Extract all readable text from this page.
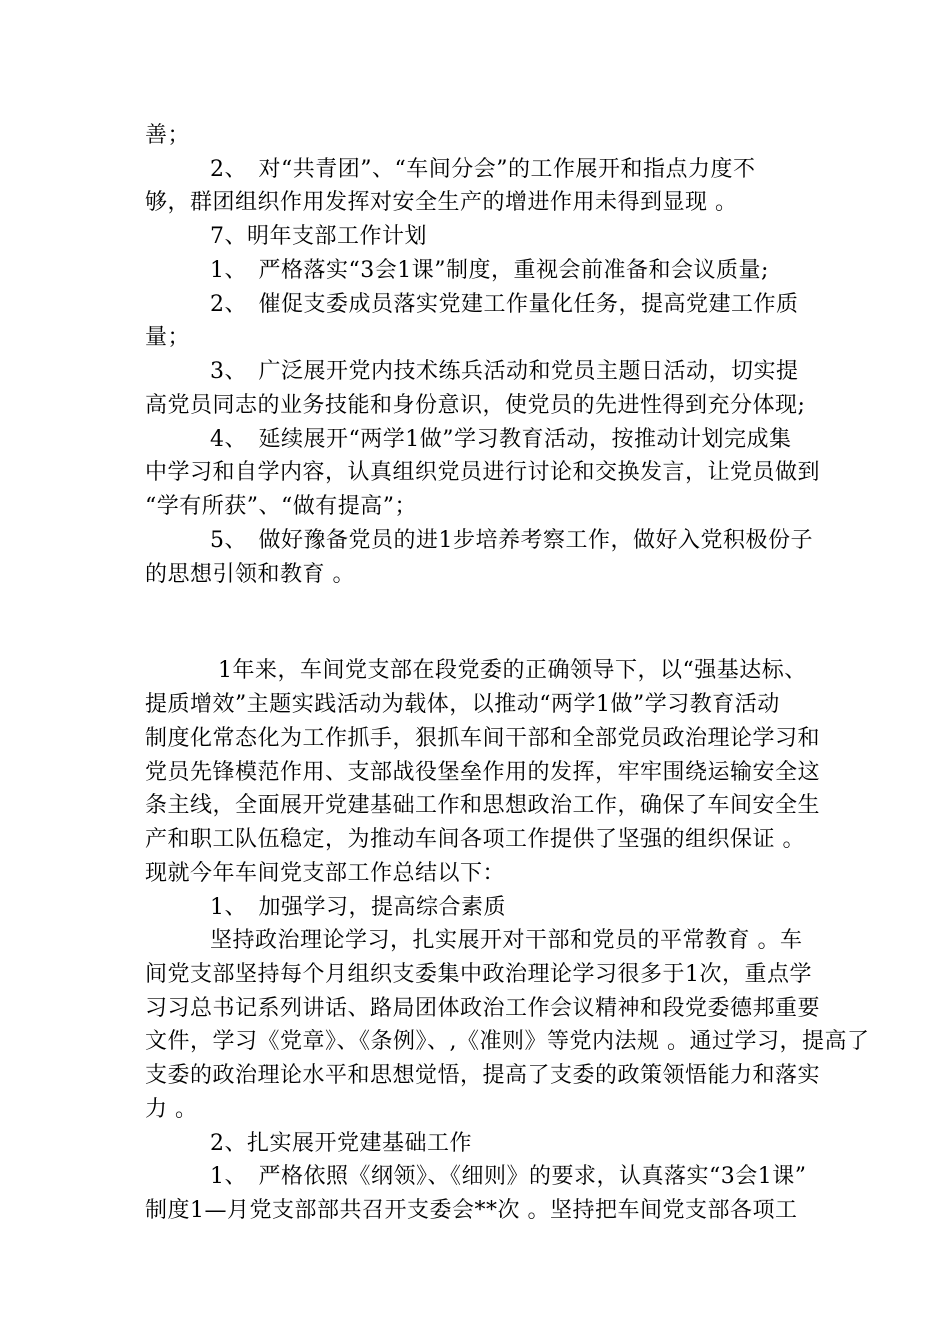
善；
2、　对“共青团”、“车间分会”的工作展开和指点力度不
够，群团组织作用发挥对安全生产的增进作用未得到显现 。
7、明年支部工作计划
1、　严格落实“3会1课”制度，重视会前准备和会议质量;
2、　催促支委成员落实党建工作量化任务，提高党建工作质
量；
3、　广泛展开党内技术练兵活动和党员主题日活动，切实提
高党员同志的业务技能和身份意识，使党员的先进性得到充分体现;
4、　延续展开“两学1做”学习教育活动，按推动计划完成集
中学习和自学内容，认真组织党员进行讨论和交换发言，让党员做到
“学有所获”、“做有提高”；
5、　做好豫备党员的进1步培养考察工作，做好入党积极份子
的思想引领和教育 。
1年来，车间党支部在段党委的正确领导下，以“强基达标、
提质增效”主题实践活动为载体，以推动“两学1做”学习教育活动
制度化常态化为工作抓手，狠抓车间干部和全部党员政治理论学习和
党员先锋模范作用、支部战役堡垒作用的发挥，牢牢围绕运输安全这
条主线，全面展开党建基础工作和思想政治工作，确保了车间安全生
产和职工队伍稳定，为推动车间各项工作提供了坚强的组织保证 。
现就今年车间党支部工作总结以下：
1、　加强学习，提高综合素质
坚持政治理论学习，扎实展开对干部和党员的平常教育 。车
间党支部坚持每个月组织支委集中政治理论学习很多于1次，重点学
习习总书记系列讲话、路局团体政治工作会议精神和段党委德邦重要
文件，学习《党章》、《条例》、,《准则》等党内法规 。通过学习，提高了
支委的政治理论水平和思想觉悟，提高了支委的政策领悟能力和落实
力 。
2、扎实展开党建基础工作
1、　严格依照《纲领》、《细则》的要求，认真落实“3会1课”
制度1—月党支部部共召开支委会**次 。坚持把车间党支部各项工
